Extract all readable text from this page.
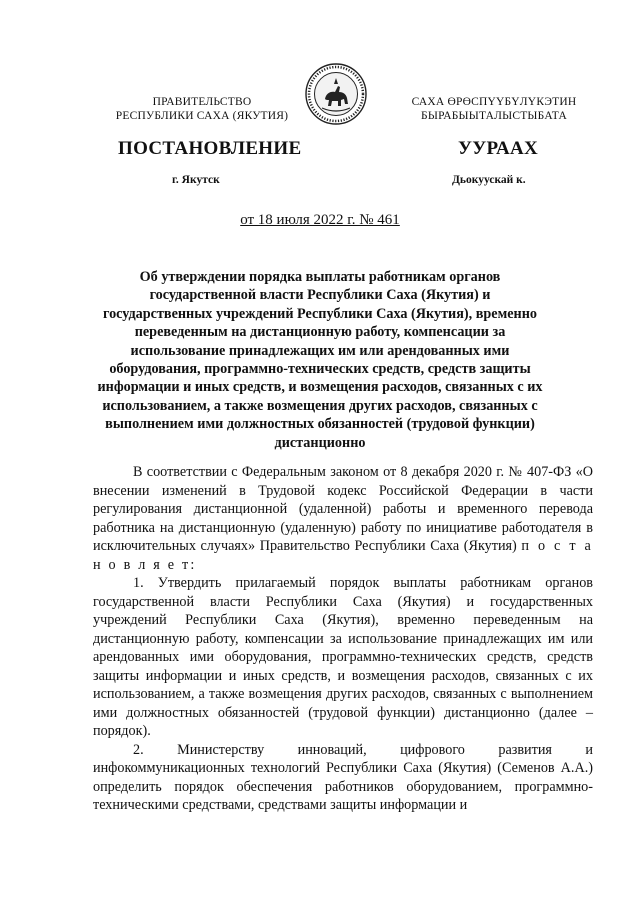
ПРАВИТЕЛЬСТВО
РЕСПУБЛИКИ САХА (ЯКУТИЯ)
САХА ӨРӨСПҮҮБҮЛҮКЭТИН
БЫРАБЫЫТАЛЫСТЫБАТА
ПОСТАНОВЛЕНИЕ	УУРААХ
г. Якутск	Дьокуускай к.
от 18 июля 2022 г. № 461
Об утверждении порядка выплаты работникам органов государственной власти Республики Саха (Якутия) и государственных учреждений Республики Саха (Якутия), временно переведенным на дистанционную работу, компенсации за использование принадлежащих им или арендованных ими оборудования, программно-технических средств, средств защиты информации и иных средств, и возмещения расходов, связанных с их использованием, а также возмещения других расходов, связанных с выполнением ими должностных обязанностей (трудовой функции) дистанционно

В соответствии с Федеральным законом от 8 декабря 2020 г. № 407-ФЗ «О внесении изменений в Трудовой кодекс Российской Федерации в части регулирования дистанционной (удаленной) работы и временного перевода работника на дистанционную (удаленную) работу по инициативе работодателя в исключительных случаях» Правительство Республики Саха (Якутия) п о с т а н о в л я е т:

1. Утвердить прилагаемый порядок выплаты работникам органов государственной власти Республики Саха (Якутия) и государственных учреждений Республики Саха (Якутия), временно переведенным на дистанционную работу, компенсации за использование принадлежащих им или арендованных ими оборудования, программно-технических средств, средств защиты информации и иных средств, и возмещения расходов, связанных с их использованием, а также возмещения других расходов, связанных с выполнением ими должностных обязанностей (трудовой функции) дистанционно (далее – порядок).

2. Министерству инноваций, цифрового развития и инфокоммуникационных технологий Республики Саха (Якутия) (Семенов А.А.) определить порядок обеспечения работников оборудованием, программно-техническими средствами, средствами защиты информации и
